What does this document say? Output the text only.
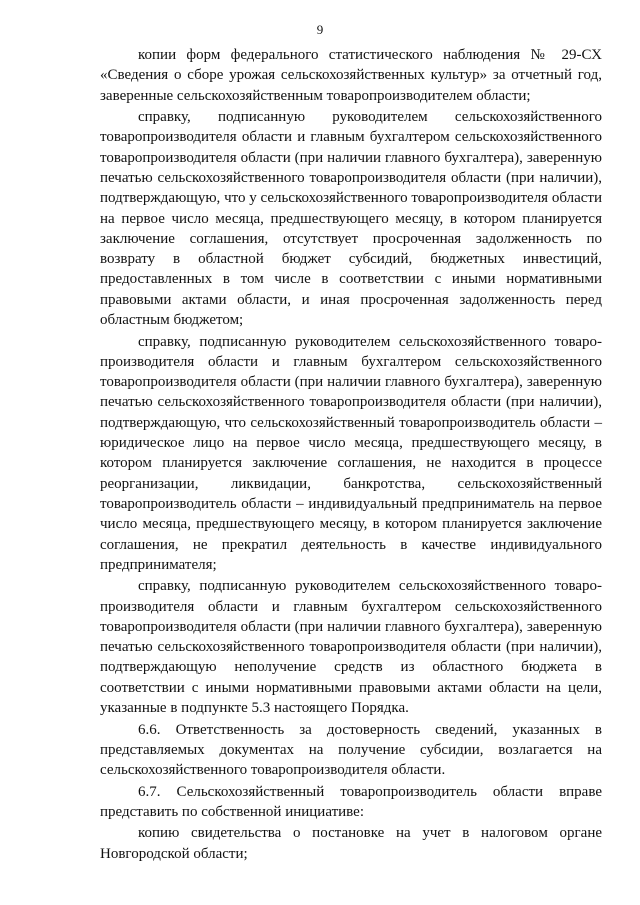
9

копии форм федерального статистического наблюдения № 29-СХ «Сведения о сборе урожая сельскохозяйственных культур» за отчетный год, заверенные сельскохозяйственным товаропроизводителем области;

справку, подписанную руководителем сельскохозяйственного товаропроизводителя области и главным бухгалтером сельскохозяйственного товаропроизводителя области (при наличии главного бухгалтера), заверенную печатью сельскохозяйственного товаропроизводителя области (при наличии), подтверждающую, что у сельскохозяйственного товаропроизводителя области на первое число месяца, предшествующего месяцу, в котором планируется заключение соглашения, отсутствует просроченная задолженность по возврату в областной бюджет субсидий, бюджетных инвестиций, предоставленных в том числе в соответствии с иными нормативными правовыми актами области, и иная просроченная задолженность перед областным бюджетом;

справку, подписанную руководителем сельскохозяйственного товаропроизводителя области и главным бухгалтером сельскохозяйственного товаропроизводителя области (при наличии главного бухгалтера), заверенную печатью сельскохозяйственного товаропроизводителя области (при наличии), подтверждающую, что сельскохозяйственный товаропроизводитель области – юридическое лицо на первое число месяца, предшествующего месяцу, в котором планируется заключение соглашения, не находится в процессе реорганизации, ликвидации, банкротства, сельскохозяйственный товаропроизводитель области – индивидуальный предприниматель на первое число месяца, предшествующего месяцу, в котором планируется заключение соглашения, не прекратил деятельность в качестве индивидуального предпринимателя;

справку, подписанную руководителем сельскохозяйственного товаропроизводителя области и главным бухгалтером сельскохозяйственного товаропроизводителя области (при наличии главного бухгалтера), заверенную печатью сельскохозяйственного товаропроизводителя области (при наличии), подтверждающую неполучение средств из областного бюджета в соответствии с иными нормативными правовыми актами области на цели, указанные в подпункте 5.3 настоящего Порядка.

6.6. Ответственность за достоверность сведений, указанных в представляемых документах на получение субсидии, возлагается на сельскохозяйственного товаропроизводителя области.

6.7. Сельскохозяйственный товаропроизводитель области вправе представить по собственной инициативе:

копию свидетельства о постановке на учет в налоговом органе Новгородской области;
